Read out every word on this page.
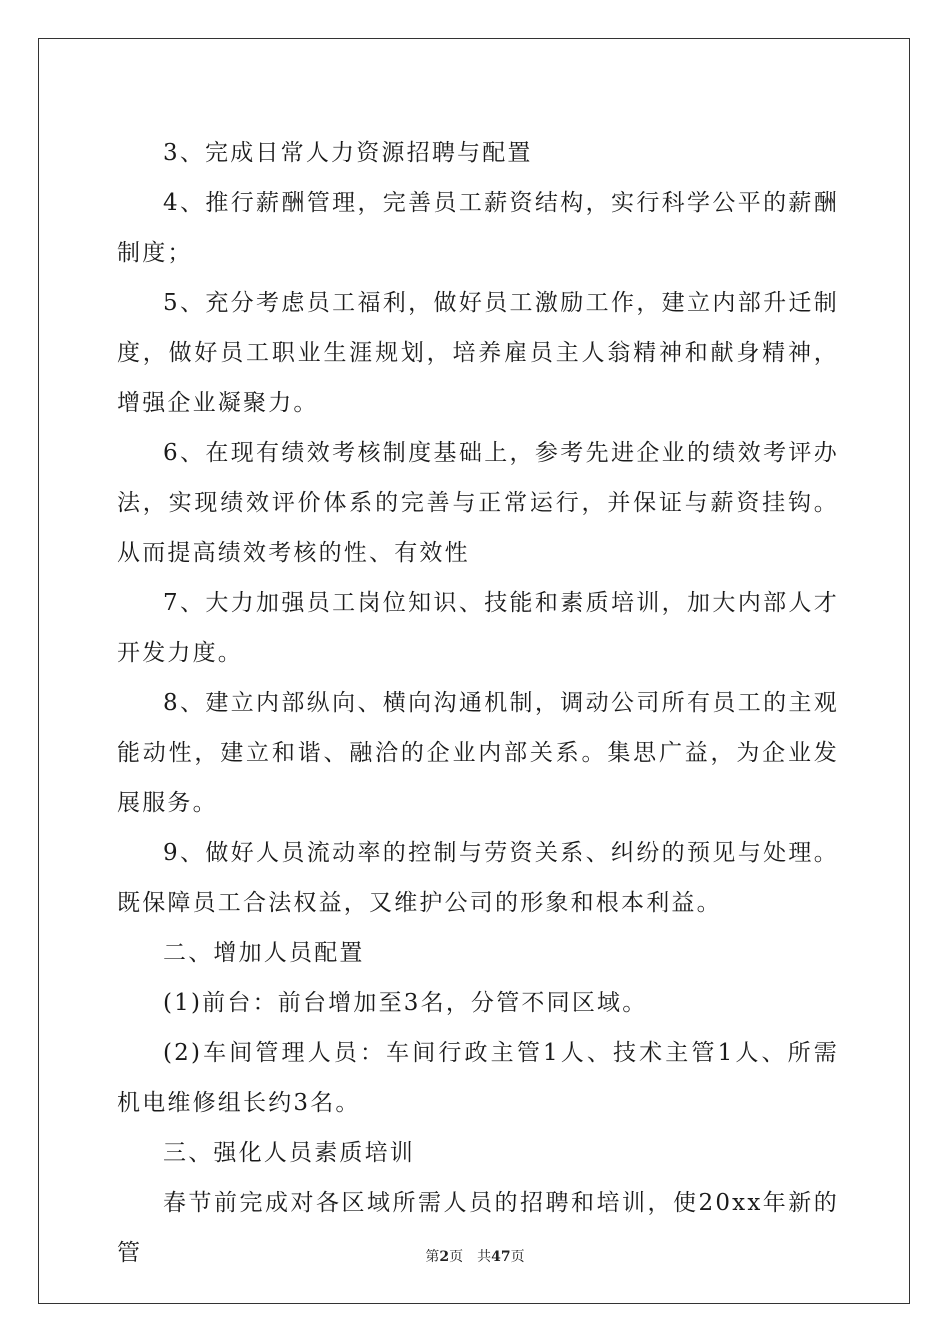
3、完成日常人力资源招聘与配置

4、推行薪酬管理，完善员工薪资结构，实行科学公平的薪酬制度；

5、充分考虑员工福利，做好员工激励工作，建立内部升迁制度，做好员工职业生涯规划，培养雇员主人翁精神和献身精神，增强企业凝聚力。

6、在现有绩效考核制度基础上，参考先进企业的绩效考评办法，实现绩效评价体系的完善与正常运行，并保证与薪资挂钩。从而提高绩效考核的性、有效性

7、大力加强员工岗位知识、技能和素质培训，加大内部人才开发力度。

8、建立内部纵向、横向沟通机制，调动公司所有员工的主观能动性，建立和谐、融洽的企业内部关系。集思广益，为企业发展服务。

9、做好人员流动率的控制与劳资关系、纠纷的预见与处理。既保障员工合法权益，又维护公司的形象和根本利益。

二、增加人员配置

(1)前台：前台增加至3名，分管不同区域。

(2)车间管理人员：车间行政主管1人、技术主管1人、所需机电维修组长约3名。

三、强化人员素质培训

春节前完成对各区域所需人员的招聘和培训，使20xx年新的管	第2页 共47页
